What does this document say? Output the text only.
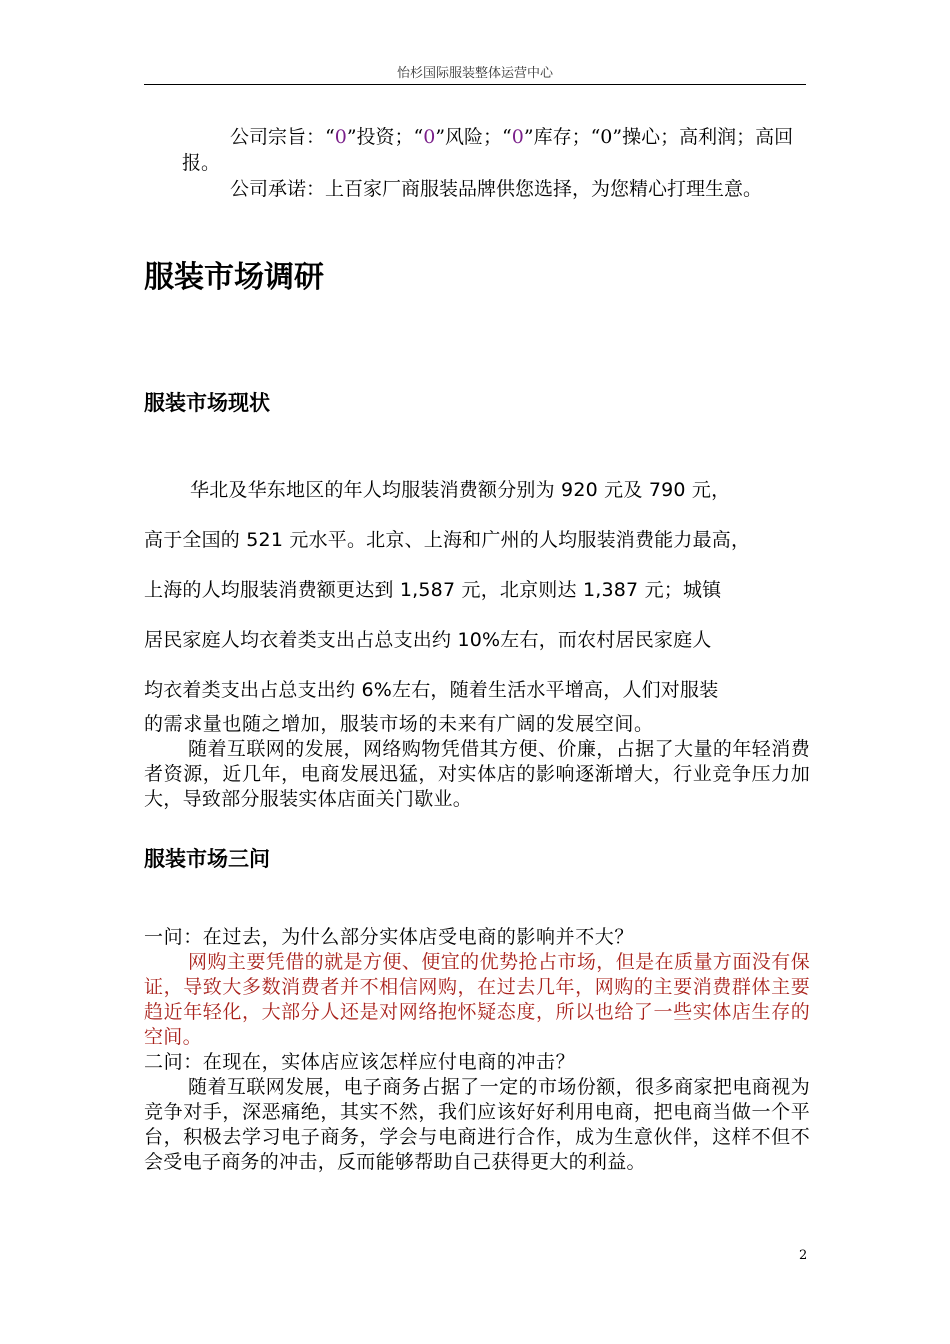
怡杉国际服装整体运营中心

公司宗旨：“0”投资；“0”风险；“0”库存；“0”操心；高利润；高回报。

公司承诺：上百家厂商服装品牌供您选择，为您精心打理生意。

服装市场调研
服装市场现状
华北及华东地区的年人均服装消费额分别为 920 元及 790 元，
高于全国的 521 元水平。北京、上海和广州的人均服装消费能力最高，
上海的人均服装消费额更达到 1,587 元，北京则达 1,387 元；城镇
居民家庭人均衣着类支出占总支出约 10%左右，而农村居民家庭人
均衣着类支出占总支出约 6%左右，随着生活水平增高，人们对服装

的需求量也随之增加，服装市场的未来有广阔的发展空间。

随着互联网的发展，网络购物凭借其方便、价廉，占据了大量的年轻消费者资源，近几年，电商发展迅猛，对实体店的影响逐渐增大，行业竞争压力加大，导致部分服装实体店面关门歇业。

服装市场三问

一问：在过去，为什么部分实体店受电商的影响并不大？

网购主要凭借的就是方便、便宜的优势抢占市场，但是在质量方面没有保证，导致大多数消费者并不相信网购，在过去几年，网购的主要消费群体主要趋近年轻化，大部分人还是对网络抱怀疑态度，所以也给了一些实体店生存的空间。

二问：在现在，实体店应该怎样应付电商的冲击？

随着互联网发展，电子商务占据了一定的市场份额，很多商家把电商视为竞争对手，深恶痛绝，其实不然，我们应该好好利用电商，把电商当做一个平台，积极去学习电子商务，学会与电商进行合作，成为生意伙伴，这样不但不会受电子商务的冲击，反而能够帮助自己获得更大的利益。

2
